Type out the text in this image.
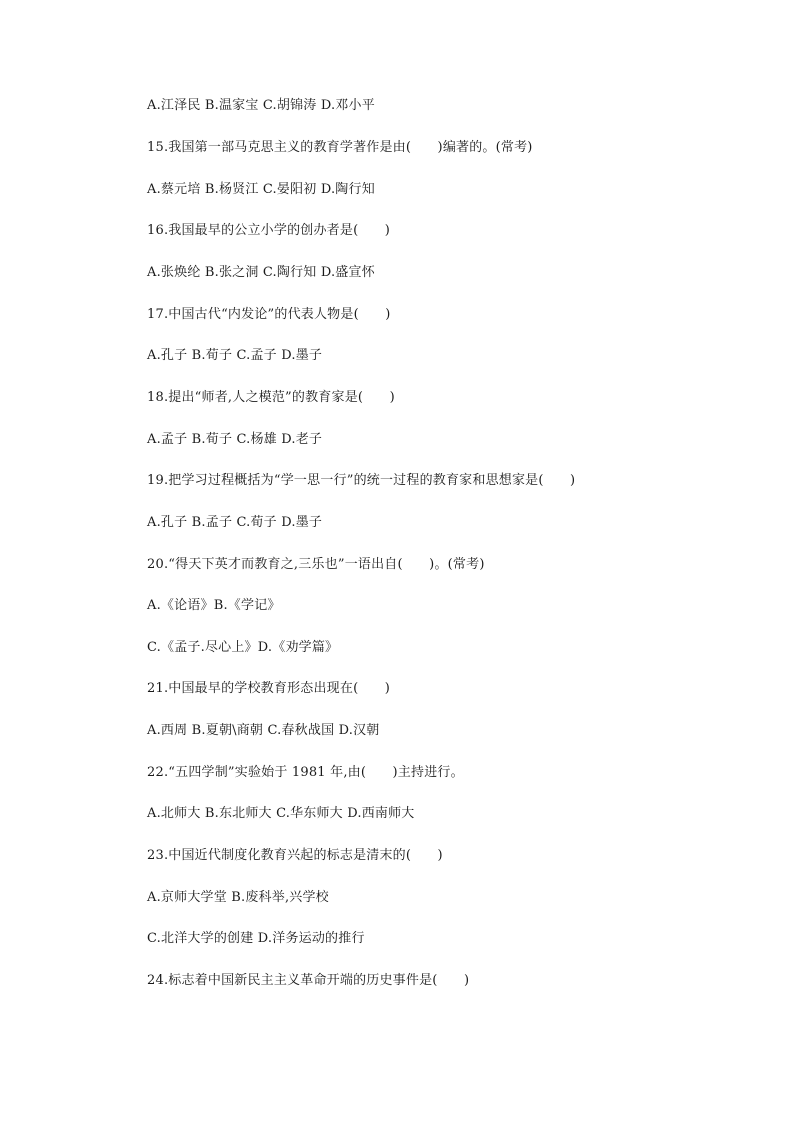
A.江泽民 B.温家宝 C.胡锦涛 D.邓小平
15.我国第一部马克思主义的教育学著作是由(　　)编著的。(常考)
A.蔡元培 B.杨贤江 C.晏阳初 D.陶行知
16.我国最早的公立小学的创办者是(　　)
A.张焕纶 B.张之洞 C.陶行知 D.盛宣怀
17.中国古代“内发论”的代表人物是(　　)
A.孔子 B.荀子 C.孟子 D.墨子
18.提出“师者,人之模范”的教育家是(　　)
A.孟子 B.荀子 C.杨雄 D.老子
19.把学习过程概括为“学一思一行”的统一过程的教育家和思想家是(　　)
A.孔子 B.孟子 C.荀子 D.墨子
20.“得天下英才而教育之,三乐也”一语出自(　　)。(常考)
A.《论语》B.《学记》
C.《孟子.尽心上》D.《劝学篇》
21.中国最早的学校教育形态出现在(　　)
A.西周 B.夏朝\商朝 C.春秋战国 D.汉朝
22.“五四学制”实验始于 1981 年,由(　　)主持进行。
A.北师大 B.东北师大 C.华东师大 D.西南师大
23.中国近代制度化教育兴起的标志是清末的(　　)
A.京师大学堂 B.废科举,兴学校
C.北洋大学的创建 D.洋务运动的推行
24.标志着中国新民主主义革命开端的历史事件是(　　)
